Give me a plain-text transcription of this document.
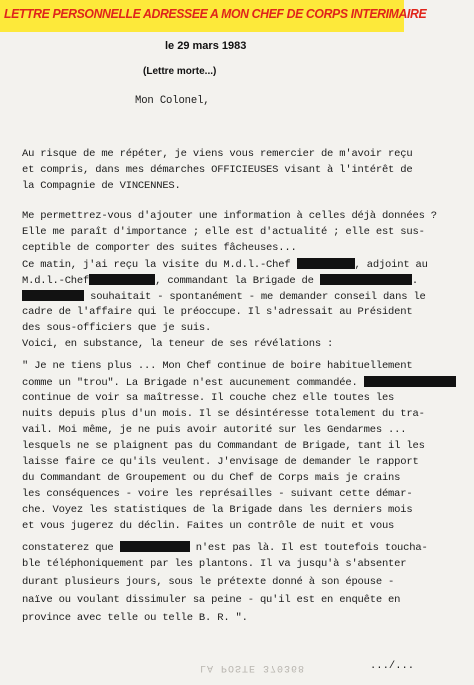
LETTRE PERSONNELLE ADRESSEE A MON CHEF DE CORPS INTERIMAIRE
le 29 mars 1983
(Lettre morte...)
Mon Colonel,
Au risque de me répéter, je viens vous remercier de m'avoir reçu
et compris, dans mes démarches OFFICIEUSES visant à l'intérêt de
la Compagnie de VINCENNES.
Me permettrez-vous d'ajouter une information à celles déjà données ?
Elle me paraît d'importance ; elle est d'actualité ; elle est sus-
ceptible de comporter des suites fâcheuses...
Ce matin, j'ai reçu la visite du M.d.l.-Chef	, adjoint au
M.d.l.-Chef	, commandant la Brigade de	.
souhaitait - spontanément - me demander conseil dans le
cadre de l'affaire qui le préoccupe. Il s'adressait au Président
des sous-officiers que je suis.
Voici, en substance, la teneur de ses révélations :
" Je ne tiens plus ... Mon Chef continue de boire habituellement
comme un "trou". La Brigade n'est aucunement commandée.
continue de voir sa maîtresse. Il couche chez elle toutes les
nuits depuis plus d'un mois. Il se désintéresse totalement du tra-
vail. Moi même, je ne puis avoir autorité sur les Gendarmes ...
lesquels ne se plaignent pas du Commandant de Brigade, tant il les
laisse faire ce qu'ils veulent. J'envisage de demander le rapport
du Commandant de Groupement ou du Chef de Corps mais je crains
les conséquences - voire les représailles - suivant cette démar-
che. Voyez les statistiques de la Brigade dans les derniers mois
et vous jugerez du déclin. Faites un contrôle de nuit et vous
constaterez que	n'est pas là. Il est toutefois toucha-
ble téléphoniquement par les plantons. Il va jusqu'à s'absenter
durant plusieurs jours, sous le prétexte donné à son épouse -
naïve ou voulant dissimuler sa peine - qu'il est en enquête en
province avec telle ou telle B. R. ".
LA POSTE 370368	.../...
